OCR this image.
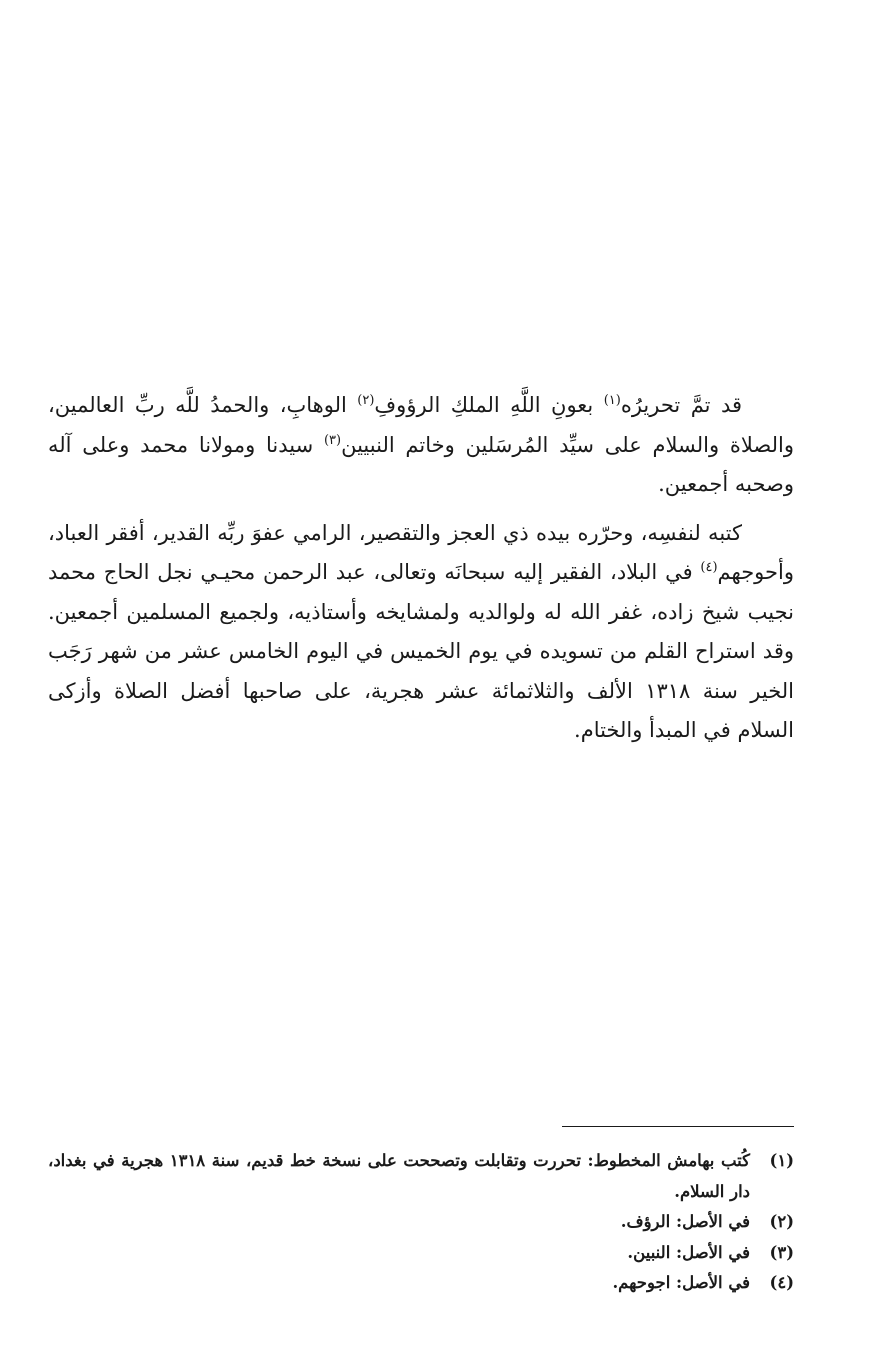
قد تمَّ تحريرُه$^{(١)}$ بعونِ اللَّهِ الملكِ الرؤوفِ$^{(٢)}$ الوهابِ، والحمدُ للَّه ربِّ العالمين، والصلاة والسلام على سيِّد المُرسَلين وخاتم النبيين$^{(٣)}$ سيدنا ومولانا محمد وعلى آله وصحبه أجمعين.

كتبه لنفسِه، وحرّره بيده ذي العجز والتقصير، الرامي عفوَ ربِّه القدير، أفقر العباد، وأحوجهم$^{(٤)}$ في البلاد، الفقير إليه سبحانَه وتعالى، عبد الرحمن محيـي نجل الحاج محمد نجيب شيخ زاده، غفر الله له ولوالديه ولمشايخه وأستاذيه، ولجميع المسلمين أجمعين. وقد استراح القلم من تسويده في يوم الخميس في اليوم الخامس عشر من شهر رَجَب الخير سنة ١٣١٨ الألف والثلاثمائة عشر هجرية، على صاحبها أفضل الصلاة وأزكى السلام في المبدأ والختام.

(١)
كُتب بهامش المخطوط: تحررت وتقابلت وتصححت على نسخة خط قديم، سنة ١٣١٨ هجرية في بغداد، دار السلام.
(٢)
في الأصل: الرؤف.
(٣)
في الأصل: النبين.
(٤)
في الأصل: اجوحهم.
